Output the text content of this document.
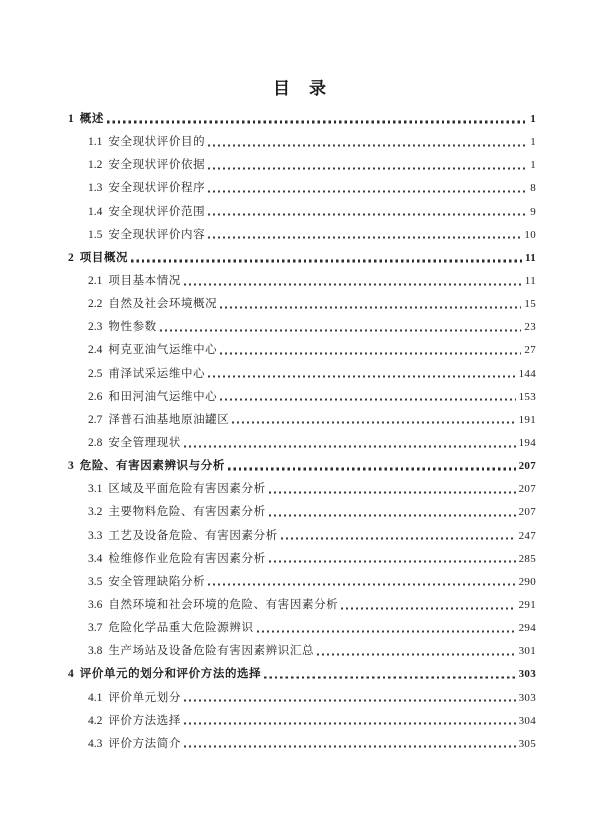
目　录
1 概述	1
1.1 安全现状评价目的	1
1.2 安全现状评价依据	1
1.3 安全现状评价程序	8
1.4 安全现状评价范围	9
1.5 安全现状评价内容	10
2 项目概况	11
2.1 项目基本情况	11
2.2 自然及社会环境概况	15
2.3 物性参数	23
2.4 柯克亚油气运维中心	27
2.5 甫泽试采运维中心	144
2.6 和田河油气运维中心	153
2.7 泽普石油基地原油罐区	191
2.8 安全管理现状	194
3 危险、有害因素辨识与分析	207
3.1 区域及平面危险有害因素分析	207
3.2 主要物料危险、有害因素分析	207
3.3 工艺及设备危险、有害因素分析	247
3.4 检维修作业危险有害因素分析	285
3.5 安全管理缺陷分析	290
3.6 自然环境和社会环境的危险、有害因素分析	291
3.7 危险化学品重大危险源辨识	294
3.8 生产场站及设备危险有害因素辨识汇总	301
4 评价单元的划分和评价方法的选择	303
4.1 评价单元划分	303
4.2 评价方法选择	304
4.3 评价方法简介	305
